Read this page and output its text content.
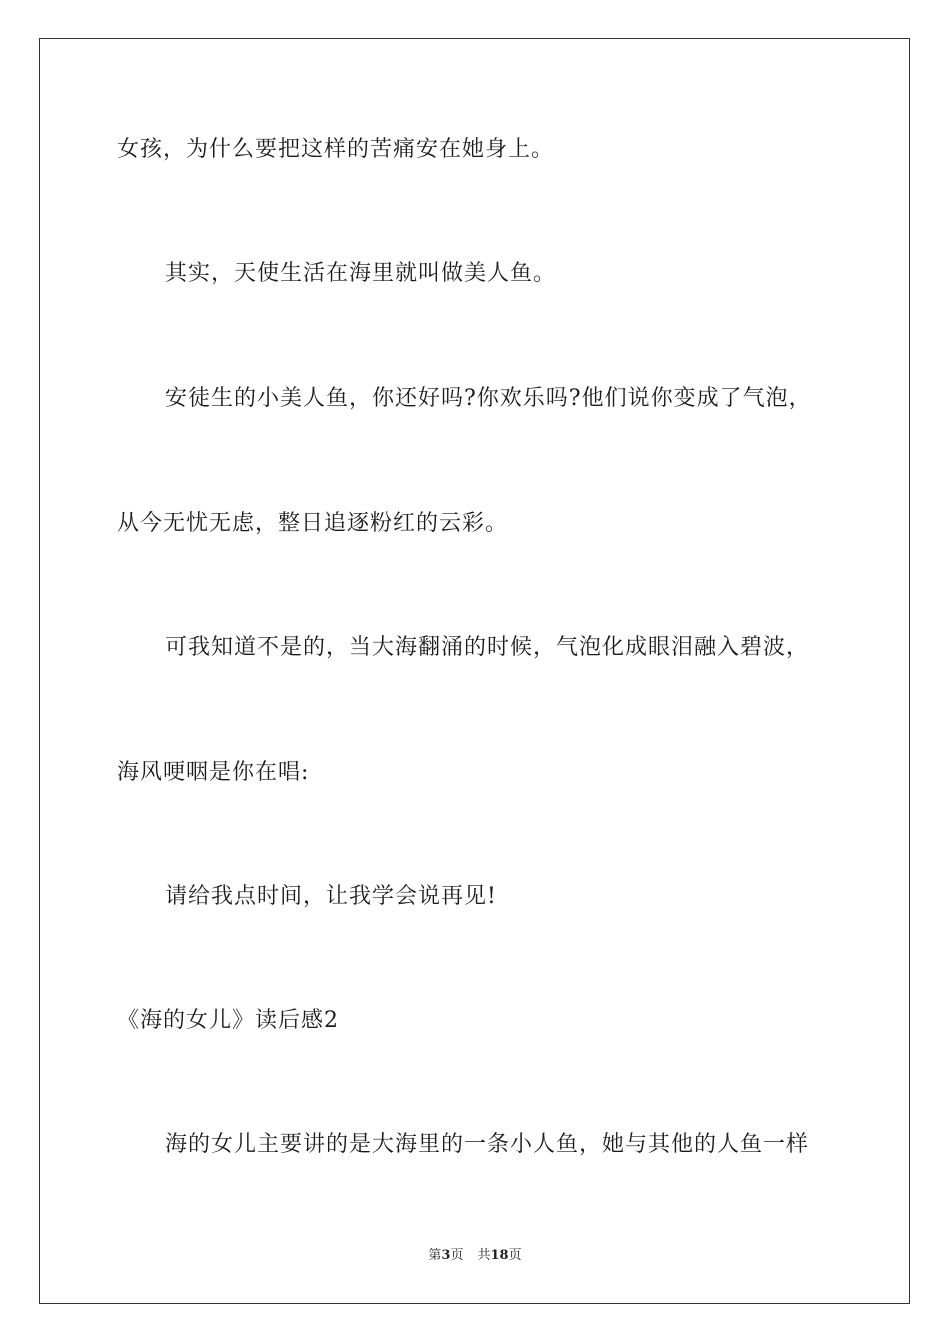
女孩，为什么要把这样的苦痛安在她身上。
其实，天使生活在海里就叫做美人鱼。
安徒生的小美人鱼，你还好吗?你欢乐吗?他们说你变成了气泡，
从今无忧无虑，整日追逐粉红的云彩。
可我知道不是的，当大海翻涌的时候，气泡化成眼泪融入碧波，
海风哽咽是你在唱:
请给我点时间，让我学会说再见!
《海的女儿》读后感2
海的女儿主要讲的是大海里的一条小人鱼，她与其他的人鱼一样
第3页 共18页
